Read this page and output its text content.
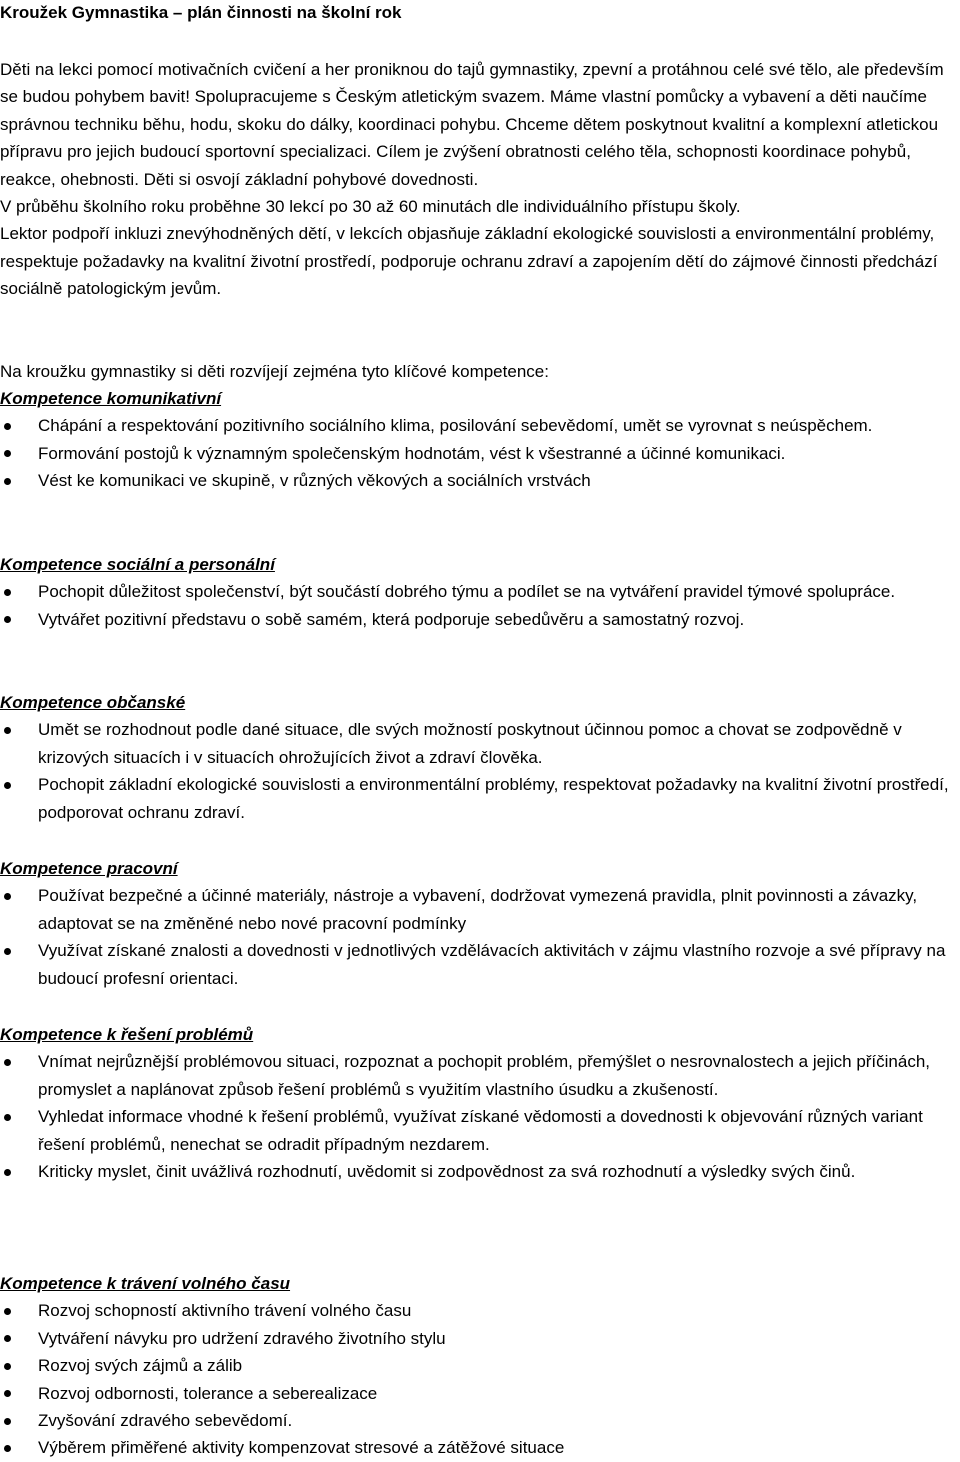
Kroužek Gymnastika – plán činnosti na školní rok

Děti na lekci pomocí motivačních cvičení a her proniknou do tajů gymnastiky, zpevní a protáhnou celé své tělo, ale především se budou pohybem bavit! Spolupracujeme s Českým atletickým svazem. Máme vlastní pomůcky a vybavení a děti naučíme správnou techniku běhu, hodu, skoku do dálky, koordinaci pohybu. Chceme dětem poskytnout kvalitní a komplexní atletickou přípravu pro jejich budoucí sportovní specializaci. Cílem je zvýšení obratnosti celého těla, schopnosti koordinace pohybů, reakce, ohebnosti. Děti si osvojí základní pohybové dovednosti.

V průběhu školního roku proběhne 30 lekcí po 30 až 60 minutách dle individuálního přístupu školy.

Lektor podpoří inkluzi znevýhodněných dětí, v lekcích objasňuje základní ekologické souvislosti a environmentální problémy, respektuje požadavky na kvalitní životní prostředí, podporuje ochranu zdraví a zapojením dětí do zájmové činnosti předchází sociálně patologickým jevům.

Na kroužku gymnastiky si děti rozvíjejí zejména tyto klíčové kompetence:
Kompetence komunikativní
Chápání a respektování pozitivního sociálního klima, posilování sebevědomí, umět se vyrovnat s neúspěchem.
Formování postojů k významným společenským hodnotám, vést k všestranné a účinné komunikaci.
Vést ke komunikaci ve skupině, v různých věkových a sociálních vrstvách
Kompetence sociální a personální
Pochopit důležitost společenství, být součástí dobrého týmu a podílet se na vytváření pravidel týmové spolupráce.
Vytvářet pozitivní představu o sobě samém, která podporuje sebedůvěru a samostatný rozvoj.
Kompetence občanské
Umět se rozhodnout podle dané situace, dle svých možností poskytnout účinnou pomoc a chovat se zodpovědně v krizových situacích i v situacích ohrožujících život a zdraví člověka.
Pochopit základní ekologické souvislosti a environmentální problémy, respektovat požadavky na kvalitní životní prostředí, podporovat ochranu zdraví.
Kompetence pracovní
Používat bezpečné a účinné materiály, nástroje a vybavení, dodržovat vymezená pravidla, plnit povinnosti a závazky, adaptovat se na změněné nebo nové pracovní podmínky
Využívat získané znalosti a dovednosti v jednotlivých vzdělávacích aktivitách v zájmu vlastního rozvoje a své přípravy na budoucí profesní orientaci.
Kompetence k řešení problémů
Vnímat nejrůznější problémovou situaci, rozpoznat a pochopit problém, přemýšlet o nesrovnalostech a jejich příčinách, promyslet a naplánovat způsob řešení problémů s využitím vlastního úsudku a zkušeností.
Vyhledat informace vhodné k řešení problémů, využívat získané vědomosti a dovednosti k objevování různých variant řešení problémů, nenechat se odradit případným nezdarem.
Kriticky myslet, činit uvážlivá rozhodnutí, uvědomit si zodpovědnost za svá rozhodnutí a výsledky svých činů.
Kompetence k trávení volného času
Rozvoj schopností aktivního trávení volného času
Vytváření návyku pro udržení zdravého životního stylu
Rozvoj svých zájmů a zálib
Rozvoj odbornosti, tolerance a seberealizace
Zvyšování zdravého sebevědomí.
Výběrem přiměřené aktivity kompenzovat stresové a zátěžové situace
